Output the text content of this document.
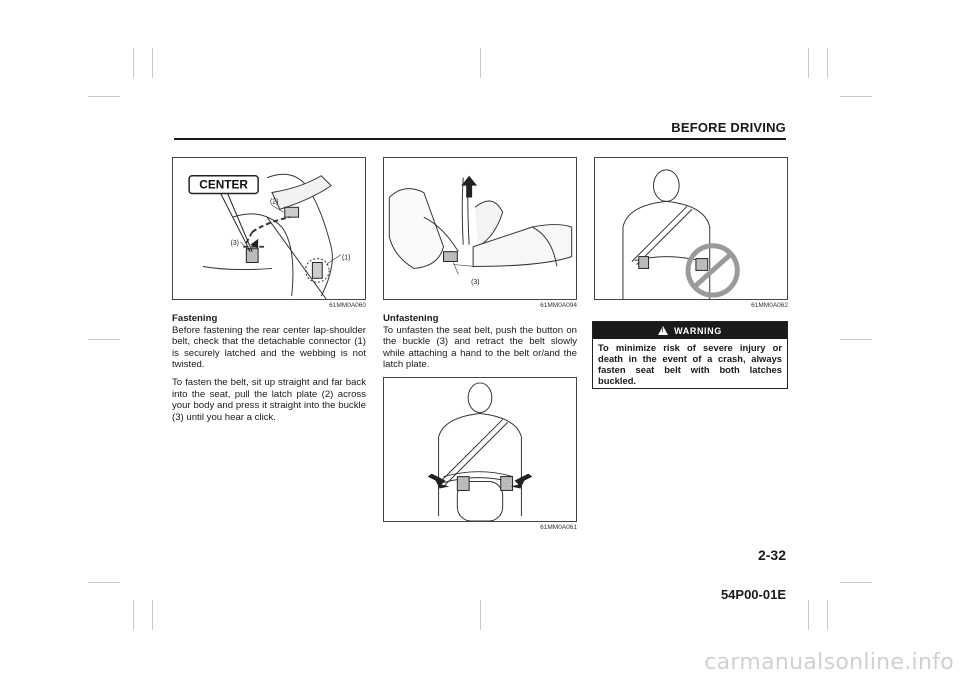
BEFORE DRIVING
CENTER
(2)
(3)
(1)
61MM0A060

Fastening
Before fastening the rear center lap-shoulder belt, check that the detachable connector (1) is securely latched and the webbing is not twisted.

To fasten the belt, sit up straight and far back into the seat, pull the latch plate (2) across your body and press it straight into the buckle (3) until you hear a click.

(3)
61MM0A094

Unfastening
To unfasten the seat belt, push the button on the buckle (3) and retract the belt slowly while attaching a hand to the belt or/and the latch plate.

61MM0A061
61MM0A062
! WARNING
To minimize risk of severe injury or death in the event of a crash, always fasten seat belt with both latches buckled.
2-32
54P00-01E
carmanualsonline.info
